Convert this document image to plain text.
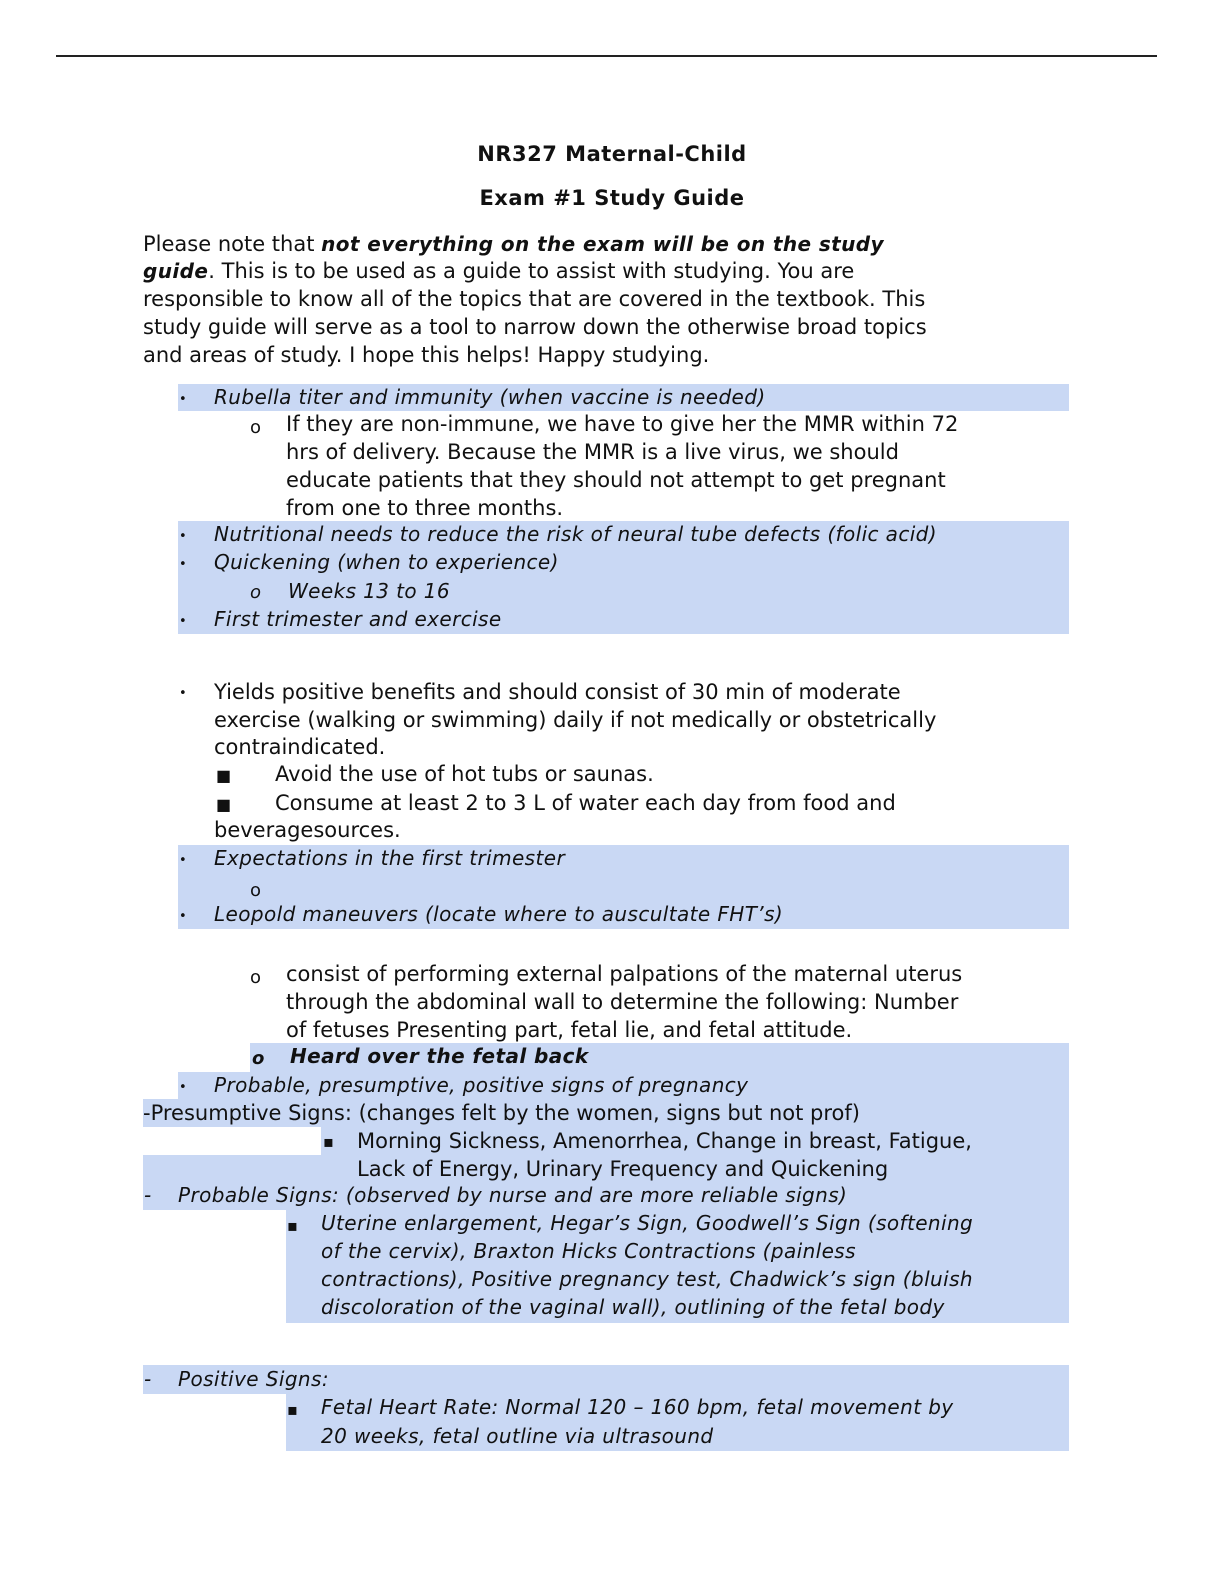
NR327 Maternal-Child
Exam #1 Study Guide
Please note that not everything on the exam will be on the study
guide. This is to be used as a guide to assist with studying. You are
responsible to know all of the topics that are covered in the textbook. This
study guide will serve as a tool to narrow down the otherwise broad topics
and areas of study. I hope this helps! Happy studying.
• Rubella titer and immunity (when vaccine is needed)
o If they are non-immune, we have to give her the MMR within 72
hrs of delivery. Because the MMR is a live virus, we should
educate patients that they should not attempt to get pregnant
from one to three months.
• Nutritional needs to reduce the risk of neural tube defects (folic acid)
• Quickening (when to experience)
o Weeks 13 to 16
• First trimester and exercise
• Yields positive benefits and should consist of 30 min of moderate
exercise (walking or swimming) daily if not medically or obstetrically
contraindicated.
■ Avoid the use of hot tubs or saunas.
■ Consume at least 2 to 3 L of water each day from food and
beveragesources.
• Expectations in the first trimester
o
• Leopold maneuvers (locate where to auscultate FHT’s)
o consist of performing external palpations of the maternal uterus
through the abdominal wall to determine the following: Number
of fetuses Presenting part, fetal lie, and fetal attitude.
o Heard over the fetal back
• Probable, presumptive, positive signs of pregnancy
-Presumptive Signs: (changes felt by the women, signs but not prof)
▪ Morning Sickness, Amenorrhea, Change in breast, Fatigue,
Lack of Energy, Urinary Frequency and Quickening
- Probable Signs: (observed by nurse and are more reliable signs)
▪ Uterine enlargement, Hegar’s Sign, Goodwell’s Sign (softening
of the cervix), Braxton Hicks Contractions (painless
contractions), Positive pregnancy test, Chadwick’s sign (bluish
discoloration of the vaginal wall), outlining of the fetal body
- Positive Signs:
▪ Fetal Heart Rate: Normal 120 – 160 bpm, fetal movement by
20 weeks, fetal outline via ultrasound
